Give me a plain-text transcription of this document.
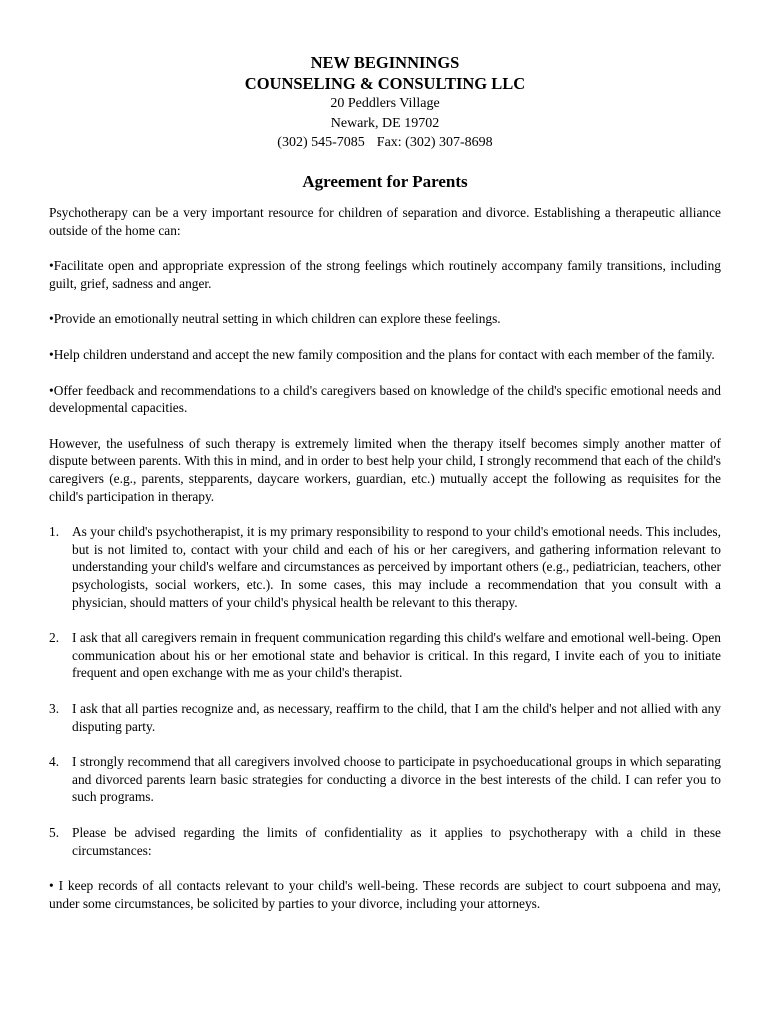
NEW BEGINNINGS
COUNSELING & CONSULTING LLC
20 Peddlers Village
Newark, DE 19702
(302) 545-7085 Fax: (302) 307-8698
Agreement for Parents

Psychotherapy can be a very important resource for children of separation and divorce. Establishing a therapeutic alliance outside of the home can:

•Facilitate open and appropriate expression of the strong feelings which routinely accompany family transitions, including guilt, grief, sadness and anger.

•Provide an emotionally neutral setting in which children can explore these feelings.

•Help children understand and accept the new family composition and the plans for contact with each member of the family.

•Offer feedback and recommendations to a child's caregivers based on knowledge of the child's specific emotional needs and developmental capacities.

However, the usefulness of such therapy is extremely limited when the therapy itself becomes simply another matter of dispute between parents. With this in mind, and in order to best help your child, I strongly recommend that each of the child's caregivers (e.g., parents, stepparents, daycare workers, guardian, etc.) mutually accept the following as requisites for the child's participation in therapy.

1. As your child's psychotherapist, it is my primary responsibility to respond to your child's emotional needs. This includes, but is not limited to, contact with your child and each of his or her caregivers, and gathering information relevant to understanding your child's welfare and circumstances as perceived by important others (e.g., pediatrician, teachers, other psychologists, social workers, etc.). In some cases, this may include a recommendation that you consult with a physician, should matters of your child's physical health be relevant to this therapy.
2. I ask that all caregivers remain in frequent communication regarding this child's welfare and emotional well-being. Open communication about his or her emotional state and behavior is critical. In this regard, I invite each of you to initiate frequent and open exchange with me as your child's therapist.
3. I ask that all parties recognize and, as necessary, reaffirm to the child, that I am the child's helper and not allied with any disputing party.
4. I strongly recommend that all caregivers involved choose to participate in psychoeducational groups in which separating and divorced parents learn basic strategies for conducting a divorce in the best interests of the child. I can refer you to such programs.
5. Please be advised regarding the limits of confidentiality as it applies to psychotherapy with a child in these circumstances:

• I keep records of all contacts relevant to your child's well-being. These records are subject to court subpoena and may, under some circumstances, be solicited by parties to your divorce, including your attorneys.
